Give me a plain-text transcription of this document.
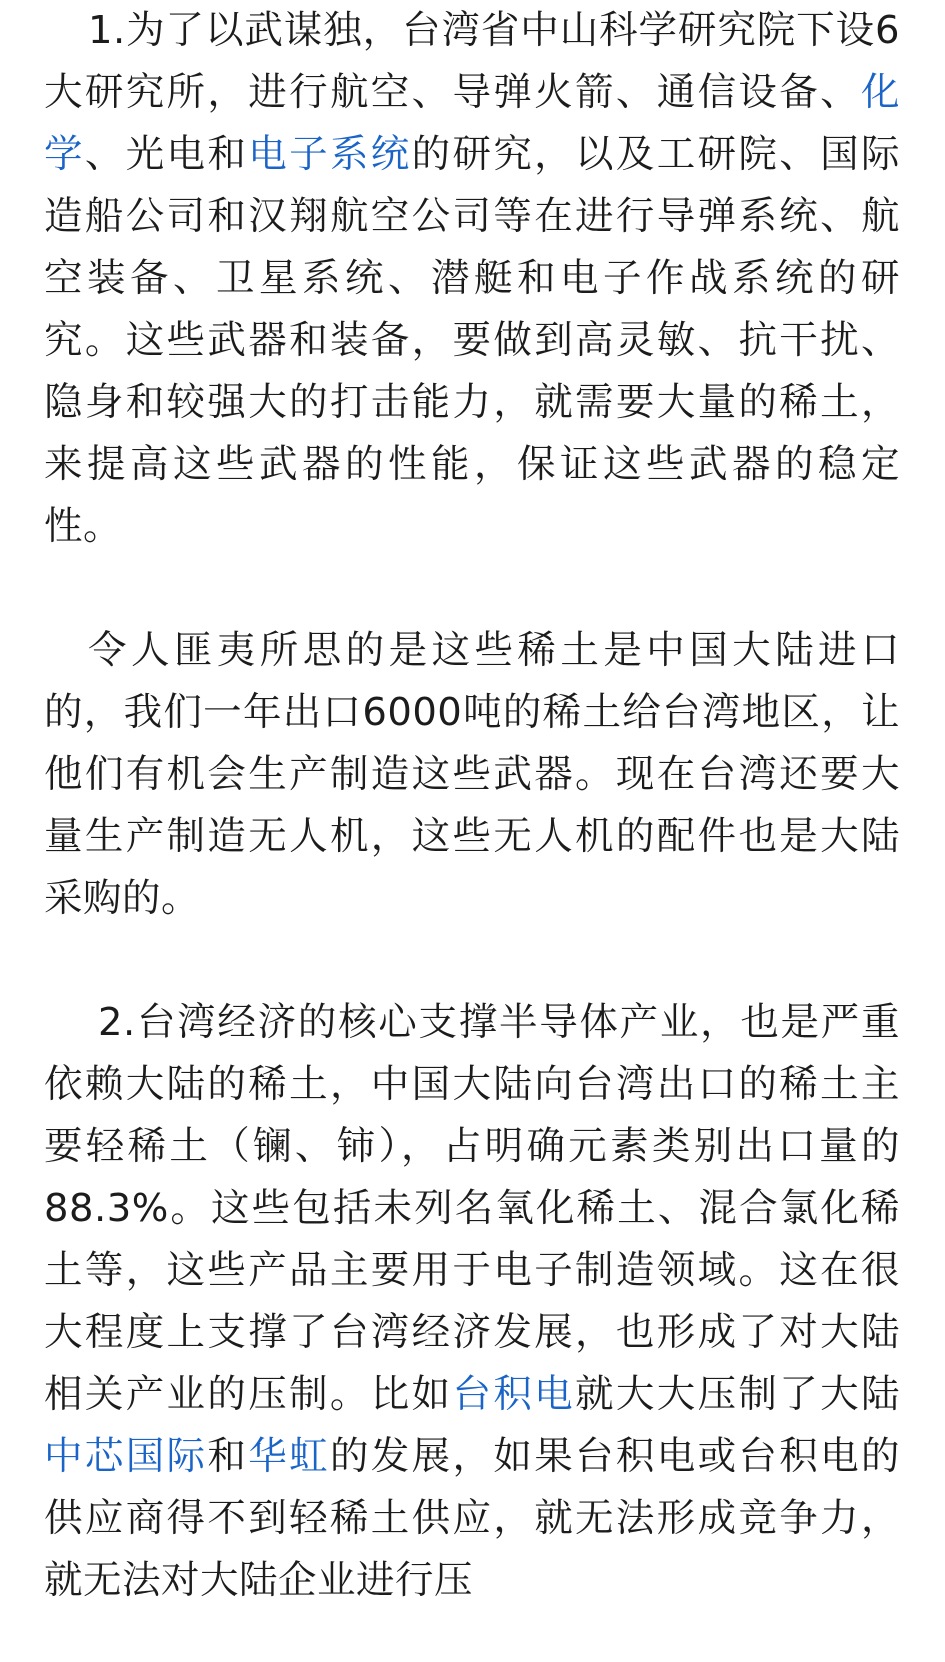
1.为了以武谋独，台湾省中山科学研究院下设6大研究所，进行航空、导弹火箭、通信设备、化学、光电和电子系统的研究，以及工研院、国际造船公司和汉翔航空公司等在进行导弹系统、航空装备、卫星系统、潜艇和电子作战系统的研究。这些武器和装备，要做到高灵敏、抗干扰、隐身和较强大的打击能力，就需要大量的稀土，来提高这些武器的性能，保证这些武器的稳定性。

令人匪夷所思的是这些稀土是中国大陆进口的，我们一年出口6000吨的稀土给台湾地区，让他们有机会生产制造这些武器。现在台湾还要大量生产制造无人机，这些无人机的配件也是大陆采购的。

2.台湾经济的核心支撑半导体产业，也是严重依赖大陆的稀土，中国大陆向台湾出口的稀土主要轻稀土（镧、铈），占明确元素类别出口量的88.3%。这些包括未列名氧化稀土、混合氯化稀土等，这些产品主要用于电子制造领域。这在很大程度上支撑了台湾经济发展，也形成了对大陆相关产业的压制。比如台积电就大大压制了大陆中芯国际和华虹的发展，如果台积电或台积电的供应商得不到轻稀土供应，就无法形成竞争力，就无法对大陆企业进行压
